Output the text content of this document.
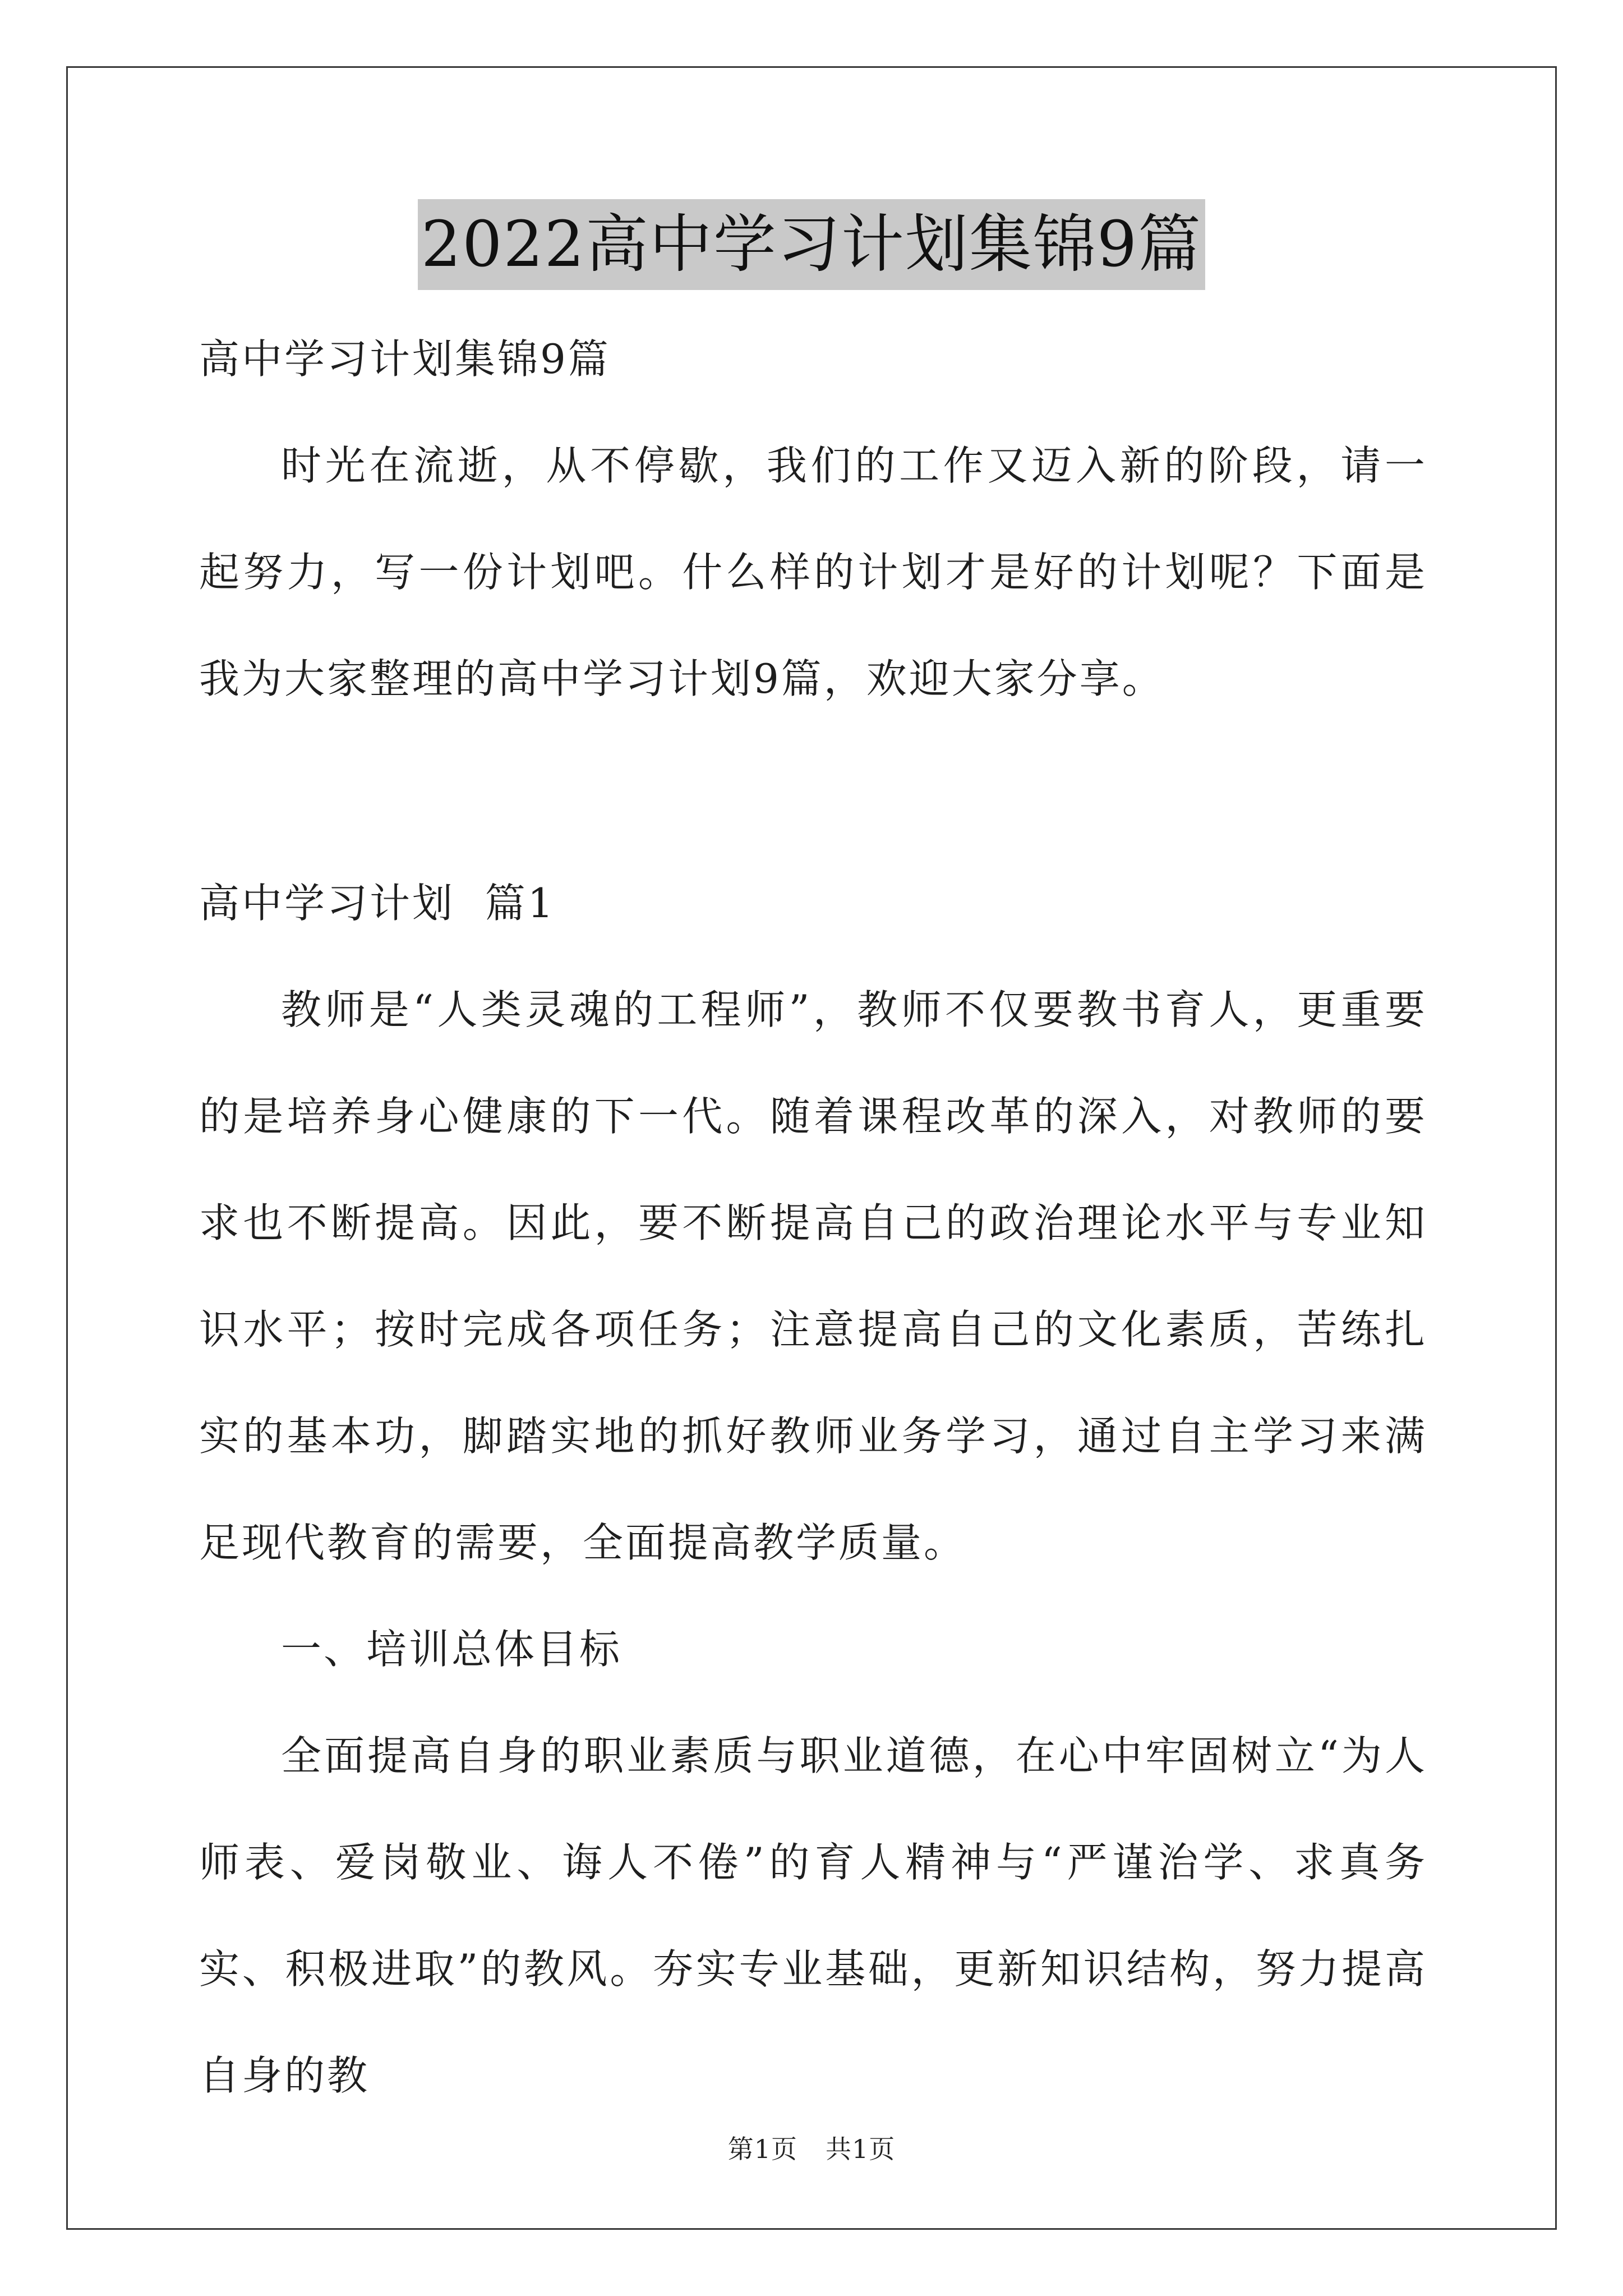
2022高中学习计划集锦9篇

高中学习计划集锦9篇

时光在流逝，从不停歇，我们的工作又迈入新的阶段，请一起努力，写一份计划吧。什么样的计划才是好的计划呢？下面是我为大家整理的高中学习计划9篇，欢迎大家分享。

高中学习计划  篇1

教师是“人类灵魂的工程师”，教师不仅要教书育人，更重要的是培养身心健康的下一代。随着课程改革的深入，对教师的要求也不断提高。因此，要不断提高自己的政治理论水平与专业知识水平；按时完成各项任务；注意提高自己的文化素质，苦练扎实的基本功，脚踏实地的抓好教师业务学习，通过自主学习来满足现代教育的需要，全面提高教学质量。

一、培训总体目标

全面提高自身的职业素质与职业道德，在心中牢固树立“为人师表、爱岗敬业、诲人不倦”的育人精神与“严谨治学、求真务实、积极进取”的教风。夯实专业基础，更新知识结构，努力提高自身的教

第1页 共1页
